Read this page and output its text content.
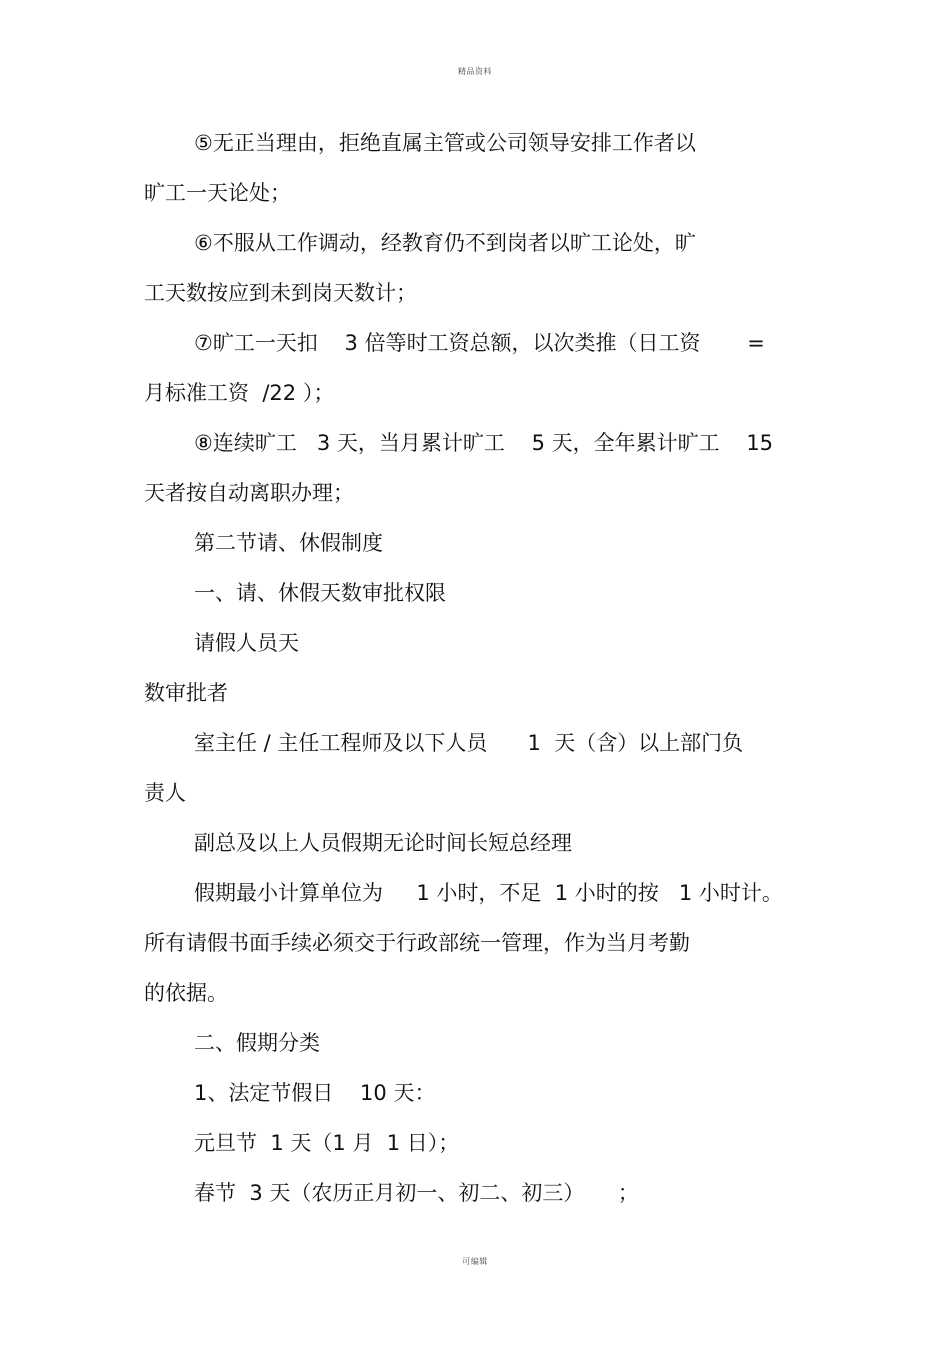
精品资料
⑤无正当理由，拒绝直属主管或公司领导安排工作者以
旷工一天论处；
⑥不服从工作调动，经教育仍不到岗者以旷工论处，旷
工天数按应到未到岗天数计；
⑦旷工一天扣    3 倍等时工资总额，以次类推（日工资       =
月标准工资  /22 ）；
⑧连续旷工   3 天，当月累计旷工    5 天，全年累计旷工    15
天者按自动离职办理；
第二节请、休假制度
一、请、休假天数审批权限
请假人员天
数审批者
室主任 / 主任工程师及以下人员      1  天（含）以上部门负
责人
副总及以上人员假期无论时间长短总经理
假期最小计算单位为     1 小时，不足  1 小时的按   1 小时计。
所有请假书面手续必须交于行政部统一管理，作为当月考勤
的依据。
二、假期分类
1、法定节假日    10 天：
元旦节  1 天（1 月  1 日）；
春节  3 天（农历正月初一、初二、初三）     ；
可编辑
